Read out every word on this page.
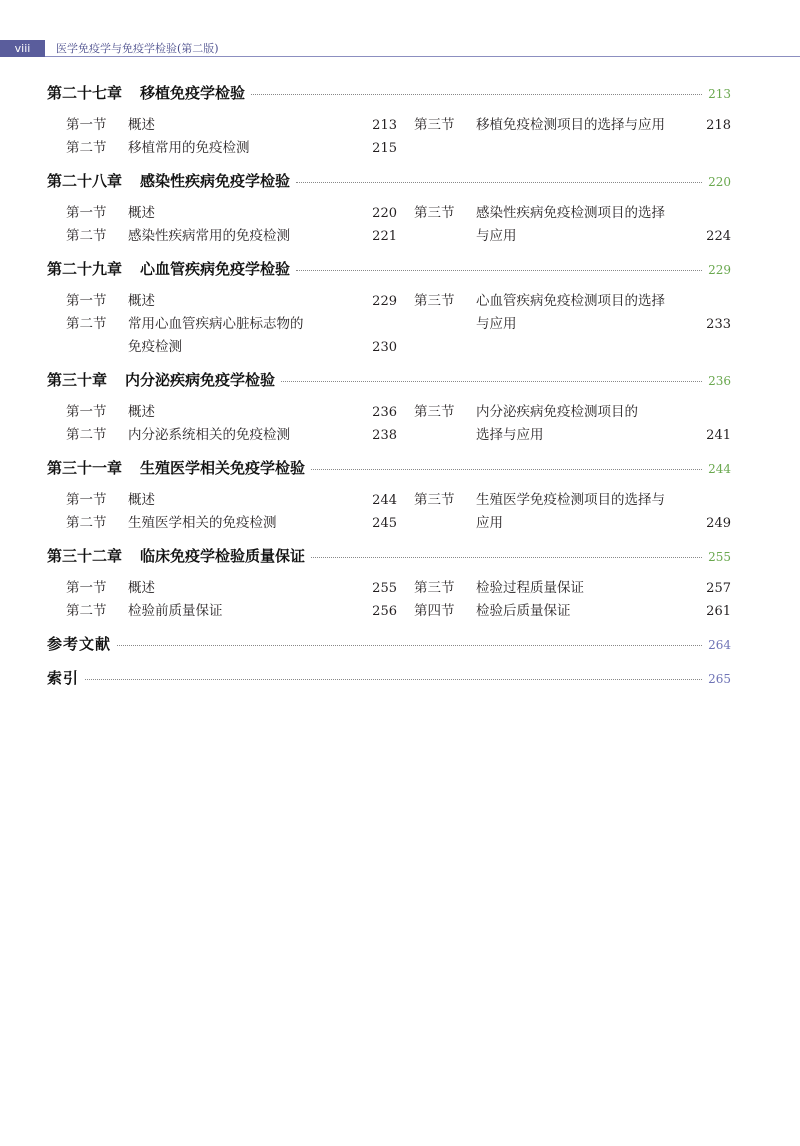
viii	医学免疫学与免疫学检验(第二版)
第二十七章 移植免疫学检验	213
第一节	概述	213
第二节	移植常用的免疫检测	215
第三节	移植免疫检测项目的选择与应用	218
第二十八章 感染性疾病免疫学检验	220
第一节	概述	220
第二节	感染性疾病常用的免疫检测	221
第三节	感染性疾病免疫检测项目的选择
与应用	224
第二十九章 心血管疾病免疫学检验	229
第一节	概述	229
第二节	常用心血管疾病心脏标志物的
免疫检测	230
第三节	心血管疾病免疫检测项目的选择
与应用	233
第三十章 内分泌疾病免疫学检验	236
第一节	概述	236
第二节	内分泌系统相关的免疫检测	238
第三节	内分泌疾病免疫检测项目的
选择与应用	241
第三十一章 生殖医学相关免疫学检验	244
第一节	概述	244
第二节	生殖医学相关的免疫检测	245
第三节	生殖医学免疫检测项目的选择与
应用	249
第三十二章 临床免疫学检验质量保证	255
第一节	概述	255
第二节	检验前质量保证	256
第三节	检验过程质量保证	257
第四节	检验后质量保证	261
参考文献	264
索引	265
